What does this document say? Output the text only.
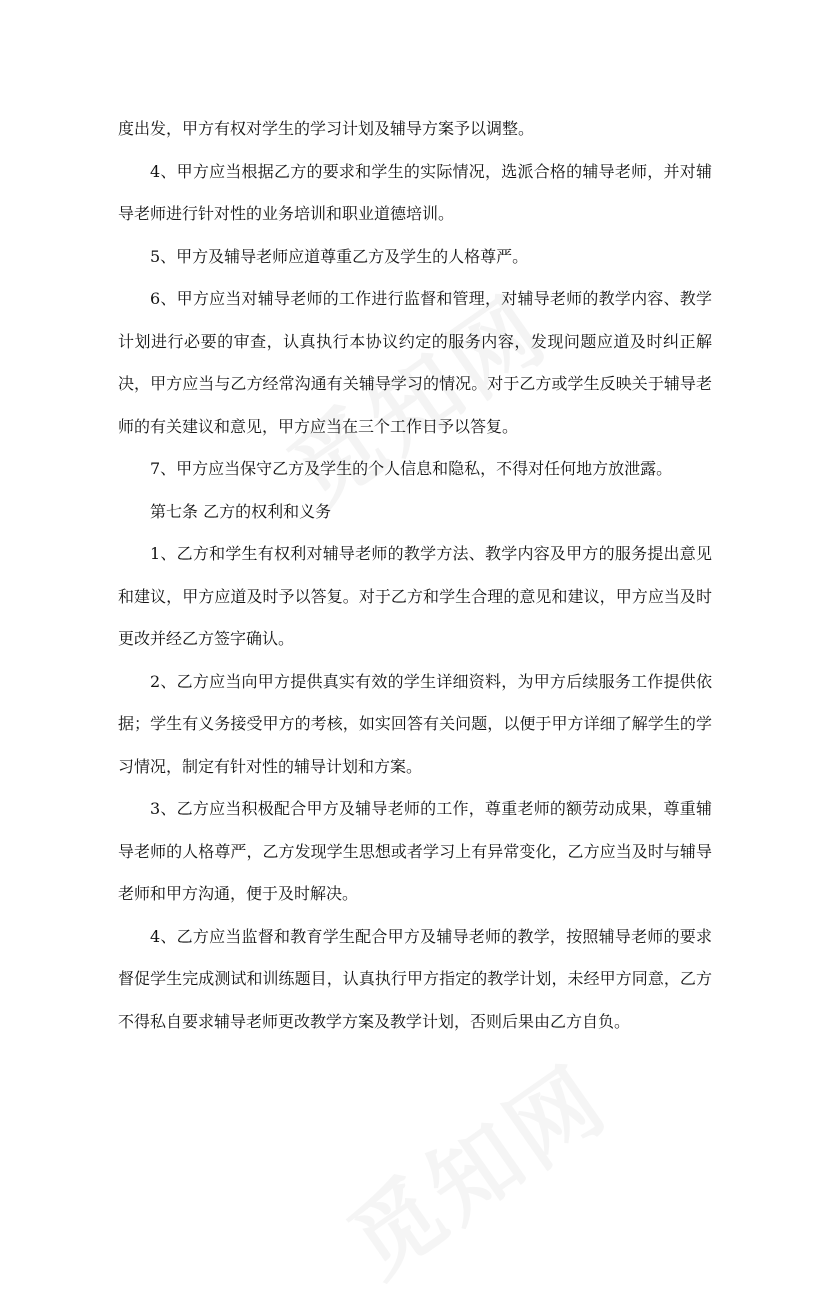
度出发，甲方有权对学生的学习计划及辅导方案予以调整。

4、甲方应当根据乙方的要求和学生的实际情况，选派合格的辅导老师，并对辅导老师进行针对性的业务培训和职业道德培训。

5、甲方及辅导老师应道尊重乙方及学生的人格尊严。

6、甲方应当对辅导老师的工作进行监督和管理，对辅导老师的教学内容、教学计划进行必要的审查，认真执行本协议约定的服务内容，发现问题应道及时纠正解决，甲方应当与乙方经常沟通有关辅导学习的情况。对于乙方或学生反映关于辅导老师的有关建议和意见，甲方应当在三个工作日予以答复。

7、甲方应当保守乙方及学生的个人信息和隐私，不得对任何地方放泄露。

第七条 乙方的权利和义务

1、乙方和学生有权利对辅导老师的教学方法、教学内容及甲方的服务提出意见和建议，甲方应道及时予以答复。对于乙方和学生合理的意见和建议，甲方应当及时更改并经乙方签字确认。

2、乙方应当向甲方提供真实有效的学生详细资料，为甲方后续服务工作提供依据；学生有义务接受甲方的考核，如实回答有关问题，以便于甲方详细了解学生的学习情况，制定有针对性的辅导计划和方案。

3、乙方应当积极配合甲方及辅导老师的工作，尊重老师的额劳动成果，尊重辅导老师的人格尊严，乙方发现学生思想或者学习上有异常变化，乙方应当及时与辅导老师和甲方沟通，便于及时解决。

4、乙方应当监督和教育学生配合甲方及辅导老师的教学，按照辅导老师的要求督促学生完成测试和训练题目，认真执行甲方指定的教学计划，未经甲方同意，乙方不得私自要求辅导老师更改教学方案及教学计划，否则后果由乙方自负。
